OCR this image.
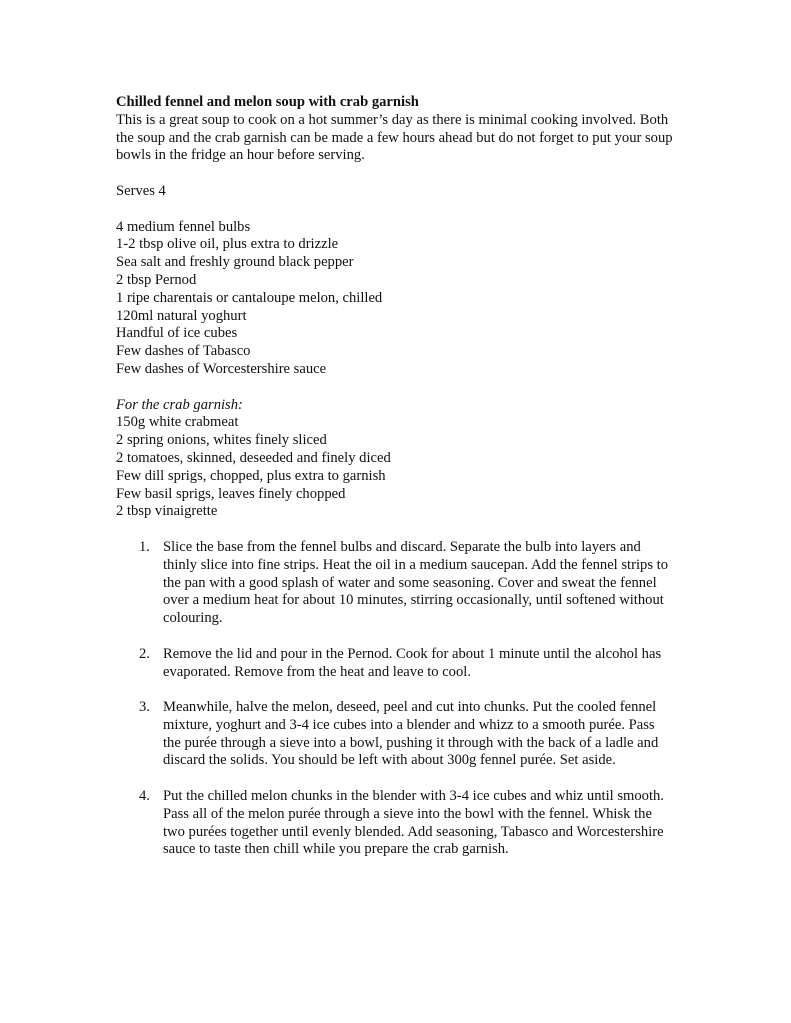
Chilled fennel and melon soup with crab garnish

This is a great soup to cook on a hot summer’s day as there is minimal cooking involved. Both the soup and the crab garnish can be made a few hours ahead but do not forget to put your soup bowls in the fridge an hour before serving.

Serves 4

4 medium fennel bulbs

1-2 tbsp olive oil, plus extra to drizzle

Sea salt and freshly ground black pepper

2 tbsp Pernod

1 ripe charentais or cantaloupe melon, chilled

120ml natural yoghurt

Handful of ice cubes

Few dashes of Tabasco

Few dashes of Worcestershire sauce

For the crab garnish:

150g white crabmeat

2 spring onions, whites finely sliced

2 tomatoes, skinned, deseeded and finely diced

Few dill sprigs, chopped, plus extra to garnish

Few basil sprigs, leaves finely chopped

2 tbsp vinaigrette

1. Slice the base from the fennel bulbs and discard. Separate the bulb into layers and thinly slice into fine strips. Heat the oil in a medium saucepan. Add the fennel strips to the pan with a good splash of water and some seasoning. Cover and sweat the fennel over a medium heat for about 10 minutes, stirring occasionally, until softened without colouring.
2. Remove the lid and pour in the Pernod. Cook for about 1 minute until the alcohol has evaporated. Remove from the heat and leave to cool.
3. Meanwhile, halve the melon, deseed, peel and cut into chunks. Put the cooled fennel mixture, yoghurt and 3-4 ice cubes into a blender and whizz to a smooth purée. Pass the purée through a sieve into a bowl, pushing it through with the back of a ladle and discard the solids. You should be left with about 300g fennel purée. Set aside.
4. Put the chilled melon chunks in the blender with 3-4 ice cubes and whiz until smooth. Pass all of the melon purée through a sieve into the bowl with the fennel. Whisk the two purées together until evenly blended. Add seasoning, Tabasco and Worcestershire sauce to taste then chill while you prepare the crab garnish.
